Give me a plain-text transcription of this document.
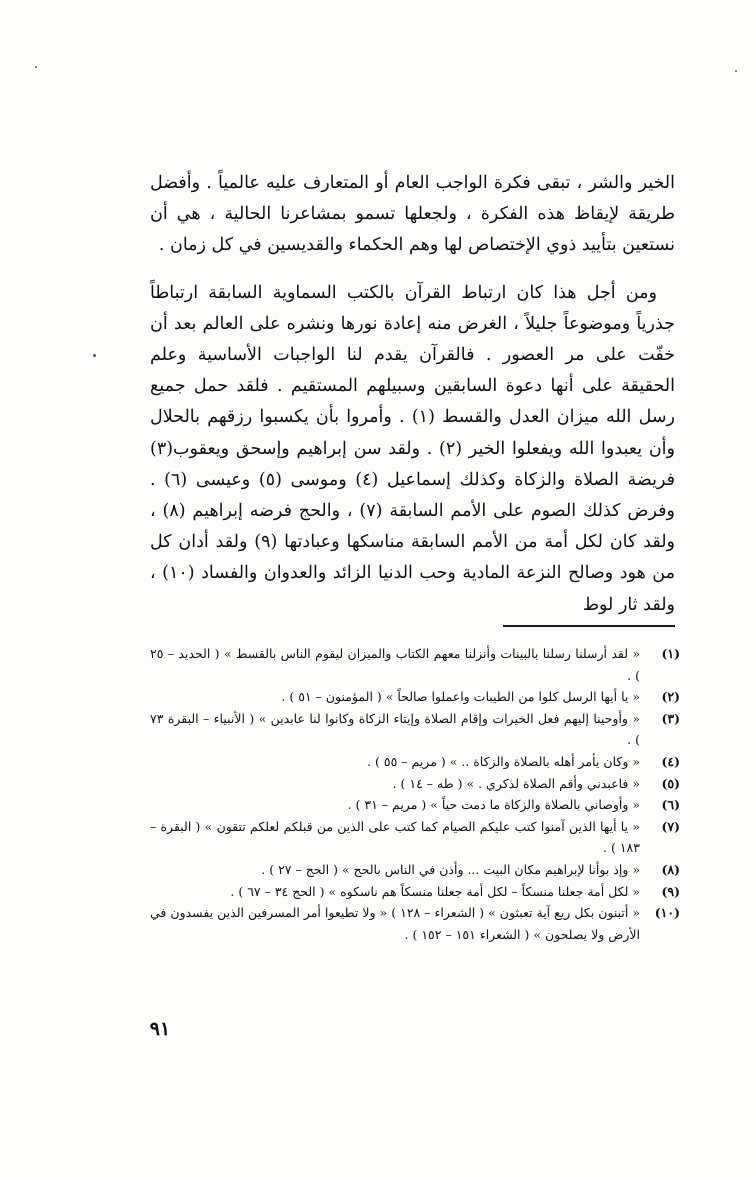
الخير والشر ، تبقى فكرة الواجب العام أو المتعارف عليه عالمياً . وأفضل طريقة لإيقاظ هذه الفكرة ، ولجعلها تسمو بمشاعرنا الحالية ، هي أن نستعين بتأييد ذوي الإختصاص لها وهم الحكماء والقديسين في كل زمان .

ومن أجل هذا كان ارتباط القرآن بالكتب السماوية السابقة ارتباطاً جذرياً وموضوعاً جليلاً ، الغرض منه إعادة نورها ونشره على العالم بعد أن خفّت على مر العصور . فالقرآن يقدم لنا الواجبات الأساسية وعلم الحقيقة على أنها دعوة السابقين وسبيلهم المستقيم . فلقد حمل جميع رسل الله ميزان العدل والقسط (١) . وأمروا بأن يكسبوا رزقهم بالحلال وأن يعبدوا الله ويفعلوا الخير (٢) . ولقد سن إبراهيم وإسحق ويعقوب(٣) فريضة الصلاة والزكاة وكذلك إسماعيل (٤) وموسى (٥) وعيسى (٦) . وفرض كذلك الصوم على الأمم السابقة (٧) ، والحج فرضه إبراهيم (٨) ، ولقد كان لكل أمة من الأمم السابقة مناسكها وعبادتها (٩) ولقد أدان كل من هود وصالح النزعة المادية وحب الدنيا الزائد والعدوان والفساد (١٠) ، ولقد ثار لوط

(١)
« لقد أرسلنا رسلنا بالبينات وأنزلنا معهم الكتاب والميزان ليقوم الناس بالقسط » ( الحديد – ٢٥ ) .
(٢)
« يا أيها الرسل كلوا من الطيبات واعملوا صالحاً » ( المؤمنون – ٥١ ) .
(٣)
« وأوحينا إليهم فعل الخيرات وإقام الصلاة وإيتاء الزكاة وكانوا لنا عابدين » ( الأنبياء – البقرة ٧٣ ) .
(٤)
« وكان يأمر أهله بالصلاة والزكاة .. » ( مريم – ٥٥ ) .
(٥)
« فاعبدني وأقم الصلاة لذكري . » ( طه – ١٤ ) .
(٦)
« وأوصاني بالصلاة والزكاة ما دمت حياً » ( مريم – ٣١ ) .
(٧)
« يا أيها الذين آمنوا كتب عليكم الصيام كما كتب على الذين من قبلكم لعلكم تتقون » ( البقرة – ١٨٣ ) .
(٨)
« وإذ بوأنا لإبراهيم مكان البيت ... وأذن في الناس بالحج » ( الحج – ٢٧ ) .
(٩)
« لكل أمة جعلنا منسكاً – لكل أمة جعلنا منسكاً هم ناسكوه » ( الحج ٣٤ – ٦٧ ) .
(١٠)
« أتبنون بكل ريع آية تعبثون » ( الشعراء – ١٢٨ ) « ولا تطيعوا أمر المسرفين الذين يفسدون في الأرض ولا يصلحون » ( الشعراء ١٥١ – ١٥٢ ) .
٩١
